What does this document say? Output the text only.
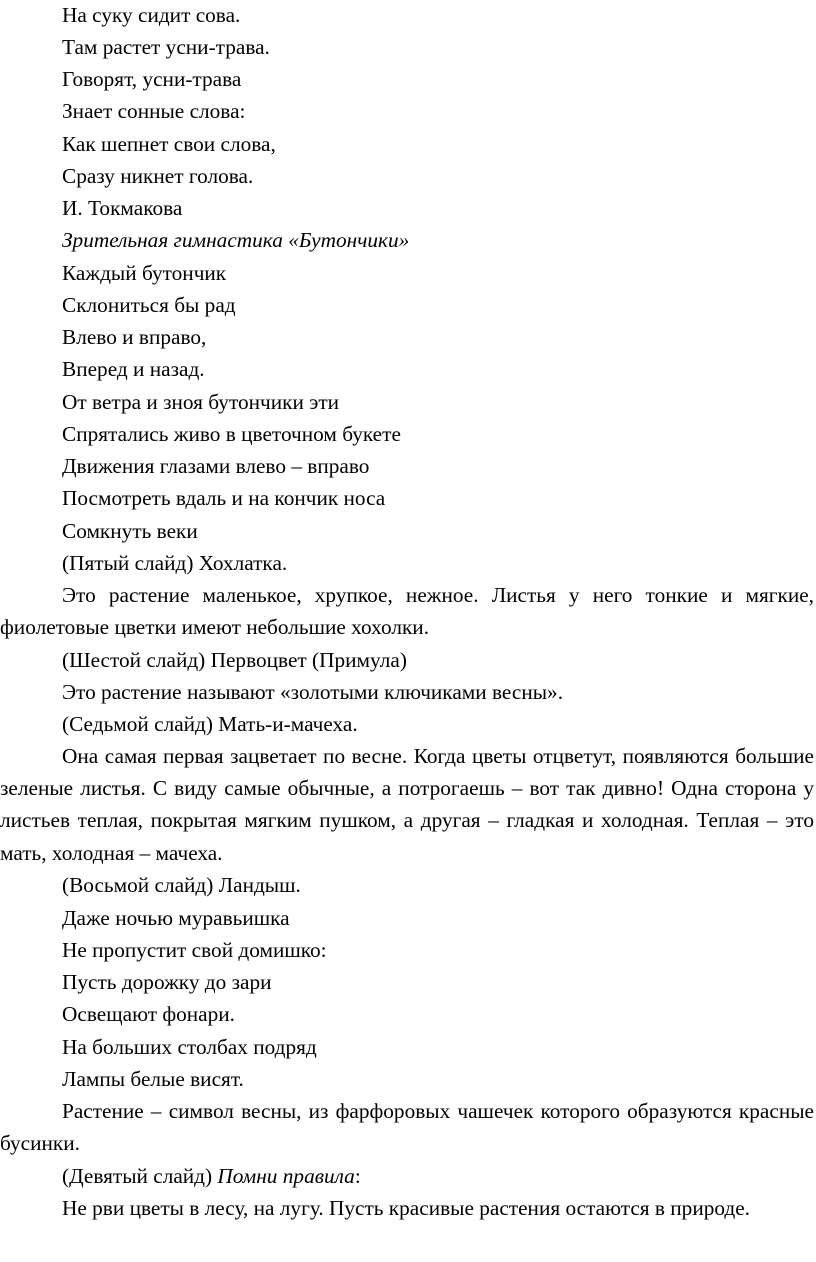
На суку сидит сова.
Там растет усни-трава.
Говорят, усни-трава
Знает сонные слова:
Как шепнет свои слова,
Сразу никнет голова.
И. Токмакова
Зрительная гимнастика «Бутончики»
Каждый бутончик
Склониться бы рад
Влево и вправо,
Вперед и назад.
От ветра и зноя бутончики эти
Спрятались живо в цветочном букете
Движения глазами влево – вправо
Посмотреть вдаль и на кончик носа
Сомкнуть веки
(Пятый слайд) Хохлатка.
Это растение маленькое, хрупкое, нежное. Листья у него тонкие и мягкие, фиолетовые цветки имеют небольшие хохолки.
(Шестой слайд) Первоцвет (Примула)
Это растение называют «золотыми ключиками весны».
(Седьмой слайд) Мать-и-мачеха.
Она самая первая зацветает по весне. Когда цветы отцветут, появляются большие зеленые листья. С виду самые обычные, а потрогаешь – вот так дивно! Одна сторона у листьев теплая, покрытая мягким пушком, а другая – гладкая и холодная. Теплая – это мать, холодная – мачеха.
(Восьмой слайд) Ландыш.
Даже ночью муравьишка
Не пропустит свой домишко:
Пусть дорожку до зари
Освещают фонари.
На больших столбах подряд
Лампы белые висят.
Растение – символ весны, из фарфоровых чашечек которого образуются красные бусинки.
(Девятый слайд) Помни правила:
Не рви цветы в лесу, на лугу. Пусть красивые растения остаются в природе.
